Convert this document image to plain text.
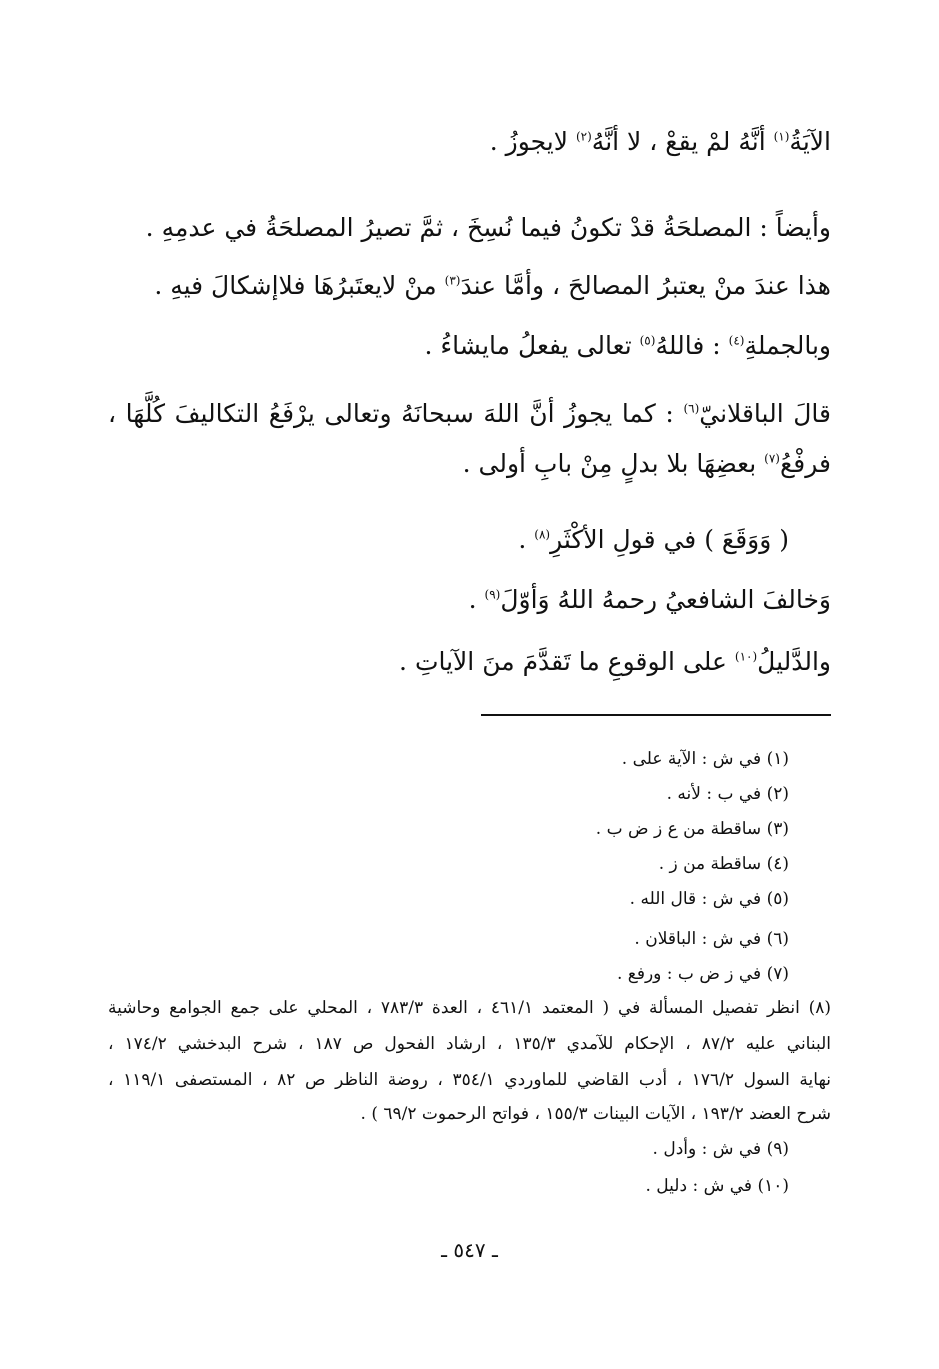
الآيَةُ$^{(١)}$ أنَّهُ لمْ يقعْ ، لا أنَّهُ$^{(٢)}$ لايجوزُ .
وأيضاً : المصلحَةُ قدْ تكونُ فيما نُسِخَ ، ثمَّ تصيرُ المصلحَةُ في عدمِهِ .
هذا عندَ منْ يعتبرُ المصالحَ ، وأمَّا عندَ$^{(٣)}$ منْ لايعتَبرُهَا فلاإشكالَ فيهِ .
وبالجملةِ$^{(٤)}$ : فاللهُ$^{(٥)}$ تعالى يفعلُ مايشاءُ .
قالَ الباقلانيّ$^{(٦)}$ : كما يجوزُ أنَّ اللهَ سبحانَهُ وتعالى يرْفَعُ التكاليفَ كُلَّهَا ،
فرفْعُ$^{(٧)}$ بعضِهَا بلا بدلٍ مِنْ بابِ أولى .
( وَوَقَعَ ) في قولِ الأكْثَرِ$^{(٨)}$ .
وَخالفَ الشافعيُ رحمهُ اللهُ وَأوّلَ$^{(٩)}$ .
والدَّليلُ$^{(١٠)}$ على الوقوعِ ما تَقدَّمَ منَ الآياتِ .
(١) في ش : الآية على .
(٢) في ب : لأنه .
(٣) ساقطة من ع ز ض ب .
(٤) ساقطة من ز .
(٥) في ش : قال الله .
(٦) في ش : الباقلان .
(٧) في ز ض ب : ورفع .
(٨) انظر تفصيل المسألة في ( المعتمد ٤٦١/١ ، العدة ٧٨٣/٣ ، المحلي على جمع الجوامع وحاشية
البناني عليه ٨٧/٢ ، الإحكام للآمدي ١٣٥/٣ ، ارشاد الفحول ص ١٨٧ ، شرح البدخشي ١٧٤/٢ ،
نهاية السول ١٧٦/٢ ، أدب القاضي للماوردي ٣٥٤/١ ، روضة الناظر ص ٨٢ ، المستصفى ١١٩/١ ،
شرح العضد ١٩٣/٢ ، الآيات البينات ١٥٥/٣ ، فواتح الرحموت ٦٩/٢ ) .
(٩) في ش : وأدل .
(١٠) في ش : دليل .
ـ ٥٤٧ ـ
